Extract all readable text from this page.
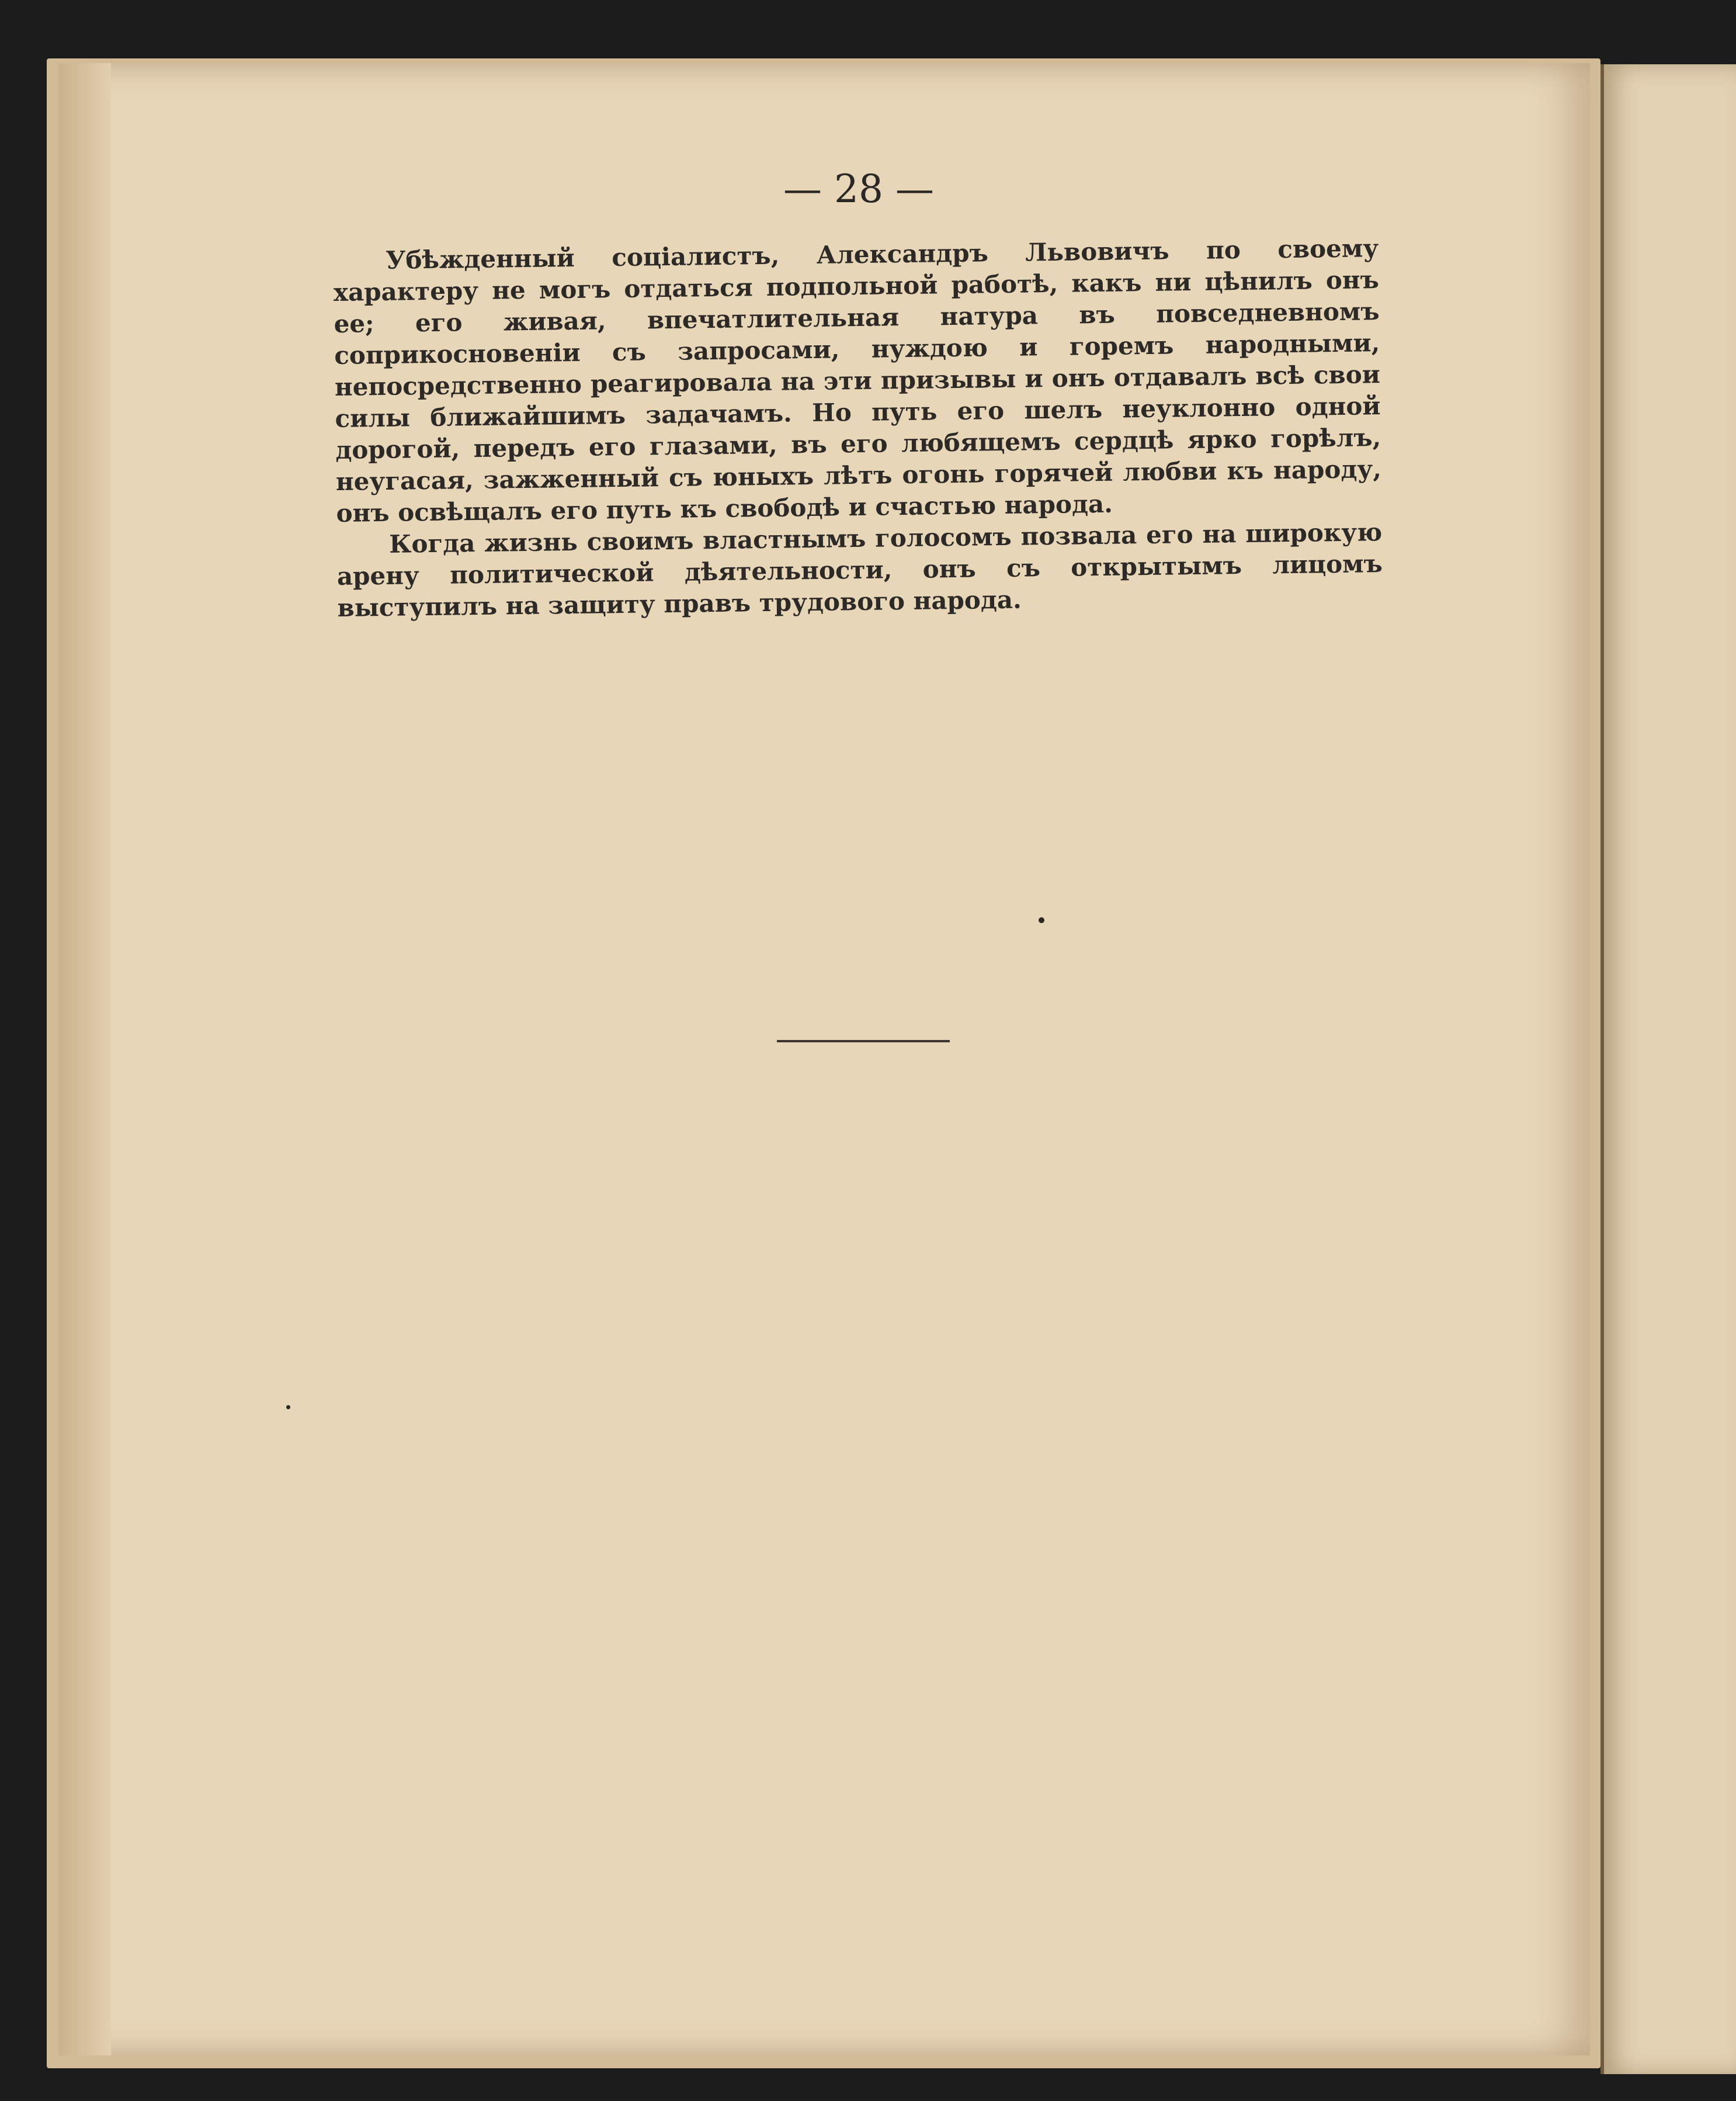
— 28 —

Убѣжденный соціалистъ, Александръ Львовичъ по своему характеру не могъ отдаться подпольной работѣ, какъ ни цѣнилъ онъ ее; его живая, впечатлительная натура въ повседневномъ соприкосновеніи съ запросами, нуждою и горемъ народными, непосредственно реагировала на эти призывы и онъ отдавалъ всѣ свои силы ближайшимъ задачамъ. Но путь его шелъ неуклонно одной дорогой, передъ его глазами, въ его любящемъ сердцѣ ярко горѣлъ, неугасая, зажженный съ юныхъ лѣтъ огонь горячей любви къ народу, онъ освѣщалъ его путь къ свободѣ и счастью народа.

Когда жизнь своимъ властнымъ голосомъ позвала его на широкую арену политической дѣятельности, онъ съ открытымъ лицомъ выступилъ на защиту правъ трудового народа.
